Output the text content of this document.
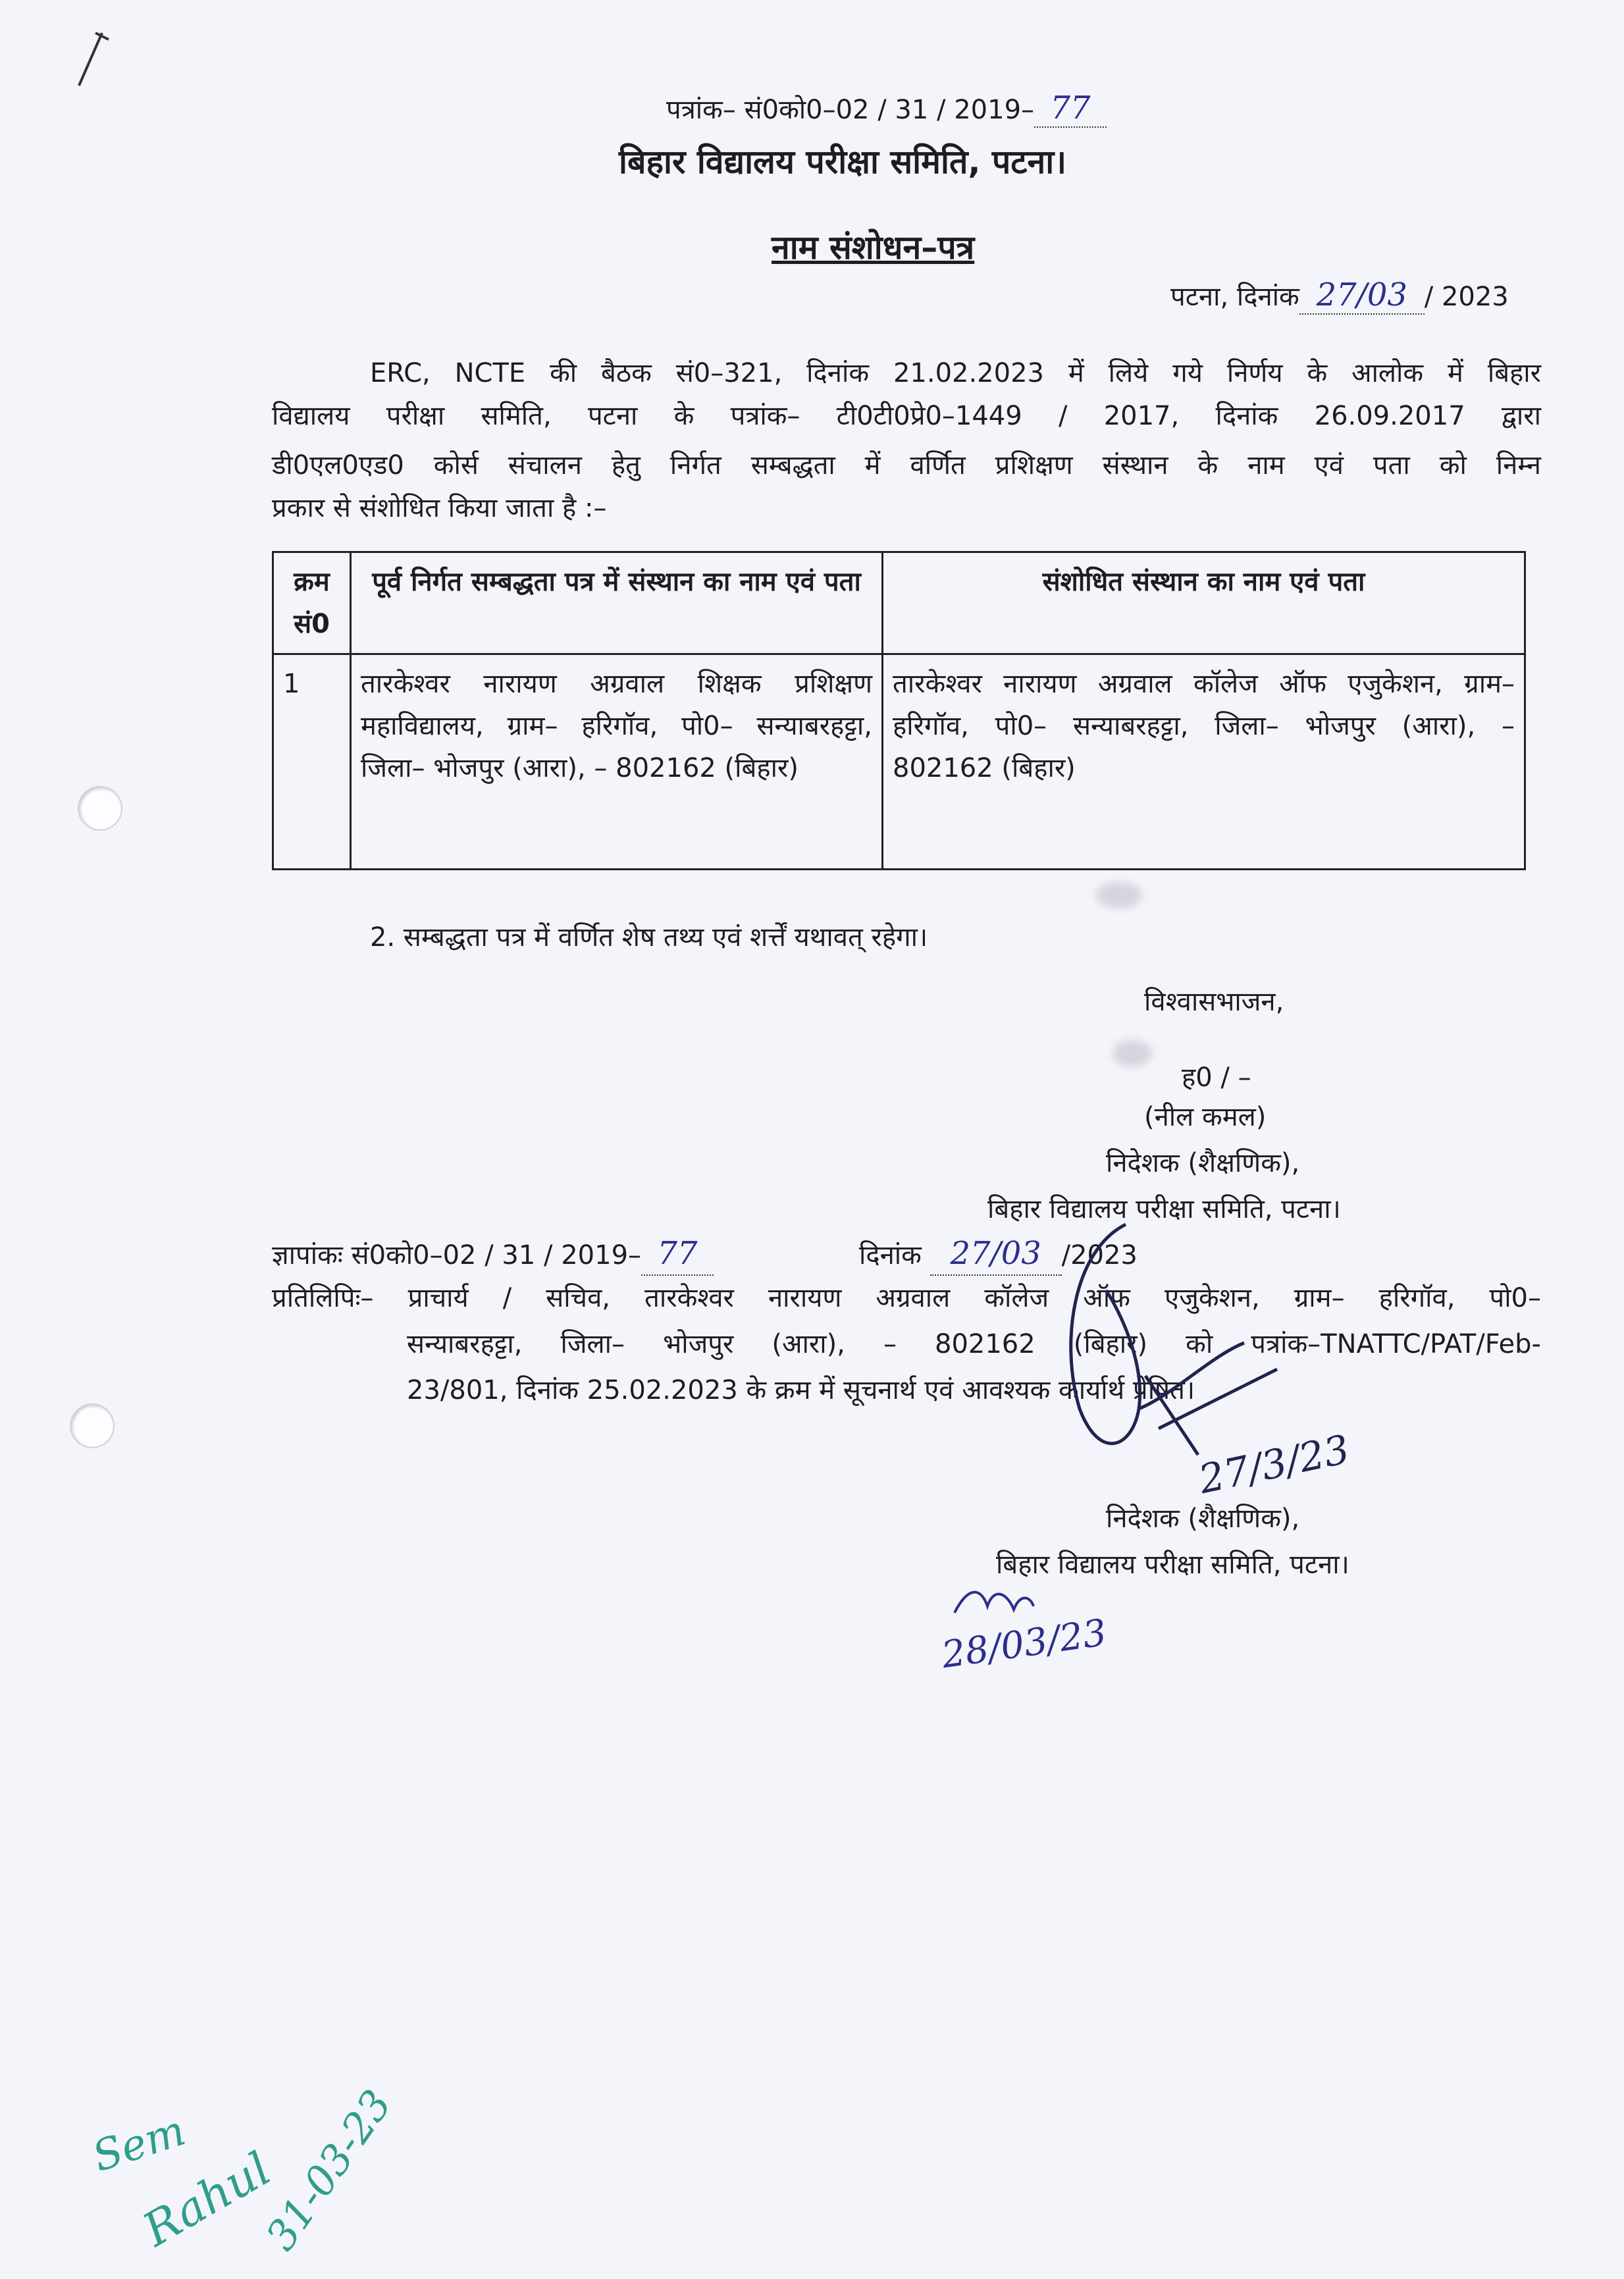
पत्रांक– सं0को0–02 / 31 / 2019– 77
बिहार विद्यालय परीक्षा समिति, पटना।
नाम संशोधन–पत्र
पटना, दिनांक 27/03 / 2023
ERC, NCTE की बैठक सं0–321, दिनांक 21.02.2023 में लिये गये निर्णय के आलोक में बिहार
विद्यालय परीक्षा समिति, पटना के पत्रांक– टी0टी0प्रे0–1449 / 2017, दिनांक 26.09.2017 द्वारा
डी0एल0एड0 कोर्स संचालन हेतु निर्गत सम्बद्धता में वर्णित प्रशिक्षण संस्थान के नाम एवं पता को निम्न
प्रकार से संशोधित किया जाता है :–
क्रम सं0	पूर्व निर्गत सम्बद्धता पत्र में संस्थान का नाम एवं पता	संशोधित संस्थान का नाम एवं पता
1	तारकेश्वर नारायण अग्रवाल शिक्षक प्रशिक्षण महाविद्यालय, ग्राम– हरिगॉव, पो0– सन्याबरहट्टा, जिला– भोजपुर (आरा), – 802162 (बिहार)	तारकेश्वर नारायण अग्रवाल कॉलेज ऑफ एजुकेशन, ग्राम– हरिगॉव, पो0– सन्याबरहट्टा, जिला– भोजपुर (आरा), – 802162 (बिहार)
2. सम्बद्धता पत्र में वर्णित शेष तथ्य एवं शर्त्तें यथावत् रहेगा।
विश्वासभाजन,
ह0 / –
(नील कमल)
निदेशक (शैक्षणिक),
बिहार विद्यालय परीक्षा समिति, पटना।
ज्ञापांकः सं0को0–02 / 31 / 2019– 77	दिनांक 27/03 /2023
प्रतिलिपिः– प्राचार्य / सचिव, तारकेश्वर नारायण अग्रवाल कॉलेज ऑफ एजुकेशन, ग्राम– हरिगॉव, पो0–
सन्याबरहट्टा, जिला– भोजपुर (आरा), – 802162 (बिहार) को पत्रांक–TNATTC/PAT/Feb-
23/801, दिनांक 25.02.2023 के क्रम में सूचनार्थ एवं आवश्यक कार्यार्थ प्रेषित।
27/3/23
निदेशक (शैक्षणिक),
बिहार विद्यालय परीक्षा समिति, पटना।
28/03/23
Sem
Rahul
31-03-23
